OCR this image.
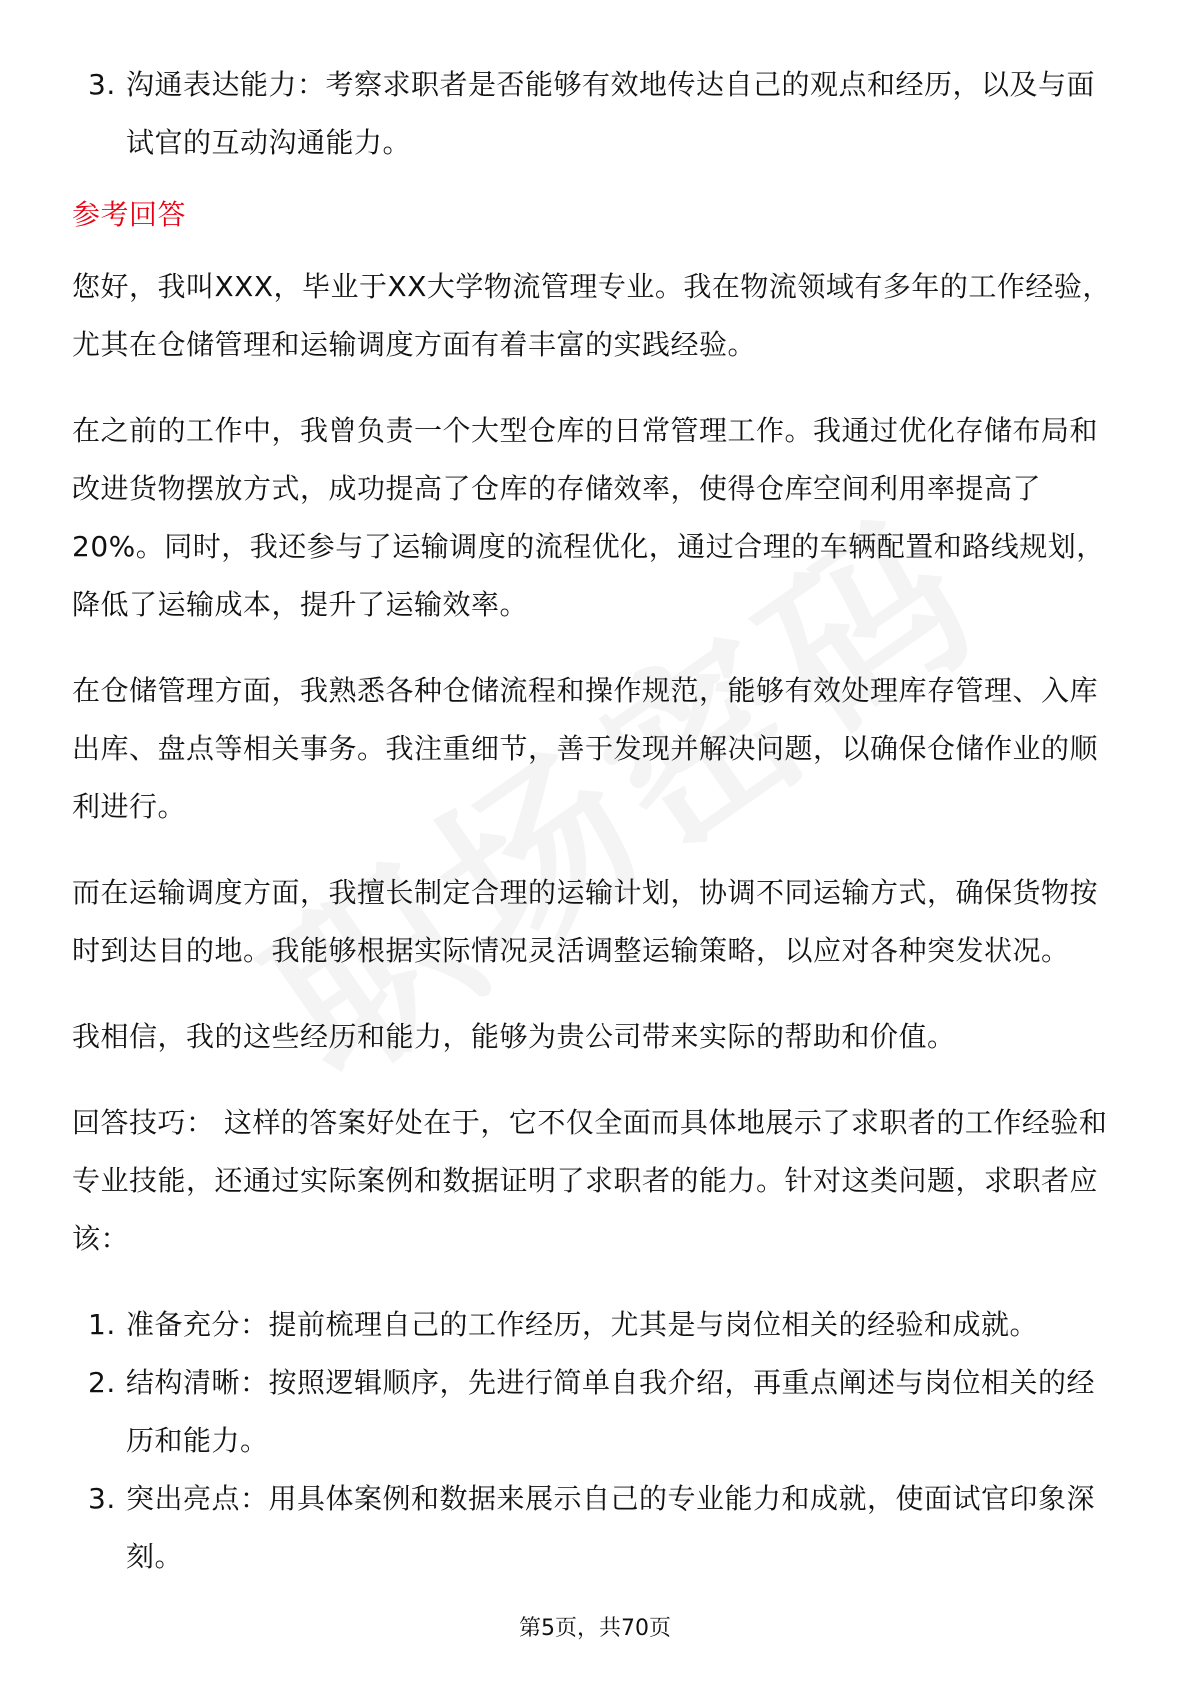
3. 沟通表达能力：考察求职者是否能够有效地传达自己的观点和经历，以及与面试官的互动沟通能力。
参考回答

您好，我叫XXX，毕业于XX大学物流管理专业。我在物流领域有多年的工作经验，尤其在仓储管理和运输调度方面有着丰富的实践经验。

在之前的工作中，我曾负责一个大型仓库的日常管理工作。我通过优化存储布局和改进货物摆放方式，成功提高了仓库的存储效率，使得仓库空间利用率提高了20%。同时，我还参与了运输调度的流程优化，通过合理的车辆配置和路线规划，降低了运输成本，提升了运输效率。

在仓储管理方面，我熟悉各种仓储流程和操作规范，能够有效处理库存管理、入库出库、盘点等相关事务。我注重细节，善于发现并解决问题，以确保仓储作业的顺利进行。

而在运输调度方面，我擅长制定合理的运输计划，协调不同运输方式，确保货物按时到达目的地。我能够根据实际情况灵活调整运输策略，以应对各种突发状况。

我相信，我的这些经历和能力，能够为贵公司带来实际的帮助和价值。

回答技巧： 这样的答案好处在于，它不仅全面而具体地展示了求职者的工作经验和专业技能，还通过实际案例和数据证明了求职者的能力。针对这类问题，求职者应该：

1. 准备充分：提前梳理自己的工作经历，尤其是与岗位相关的经验和成就。
2. 结构清晰：按照逻辑顺序，先进行简单自我介绍，再重点阐述与岗位相关的经历和能力。
3. 突出亮点：用具体案例和数据来展示自己的专业能力和成就，使面试官印象深刻。
第5页，共70页
